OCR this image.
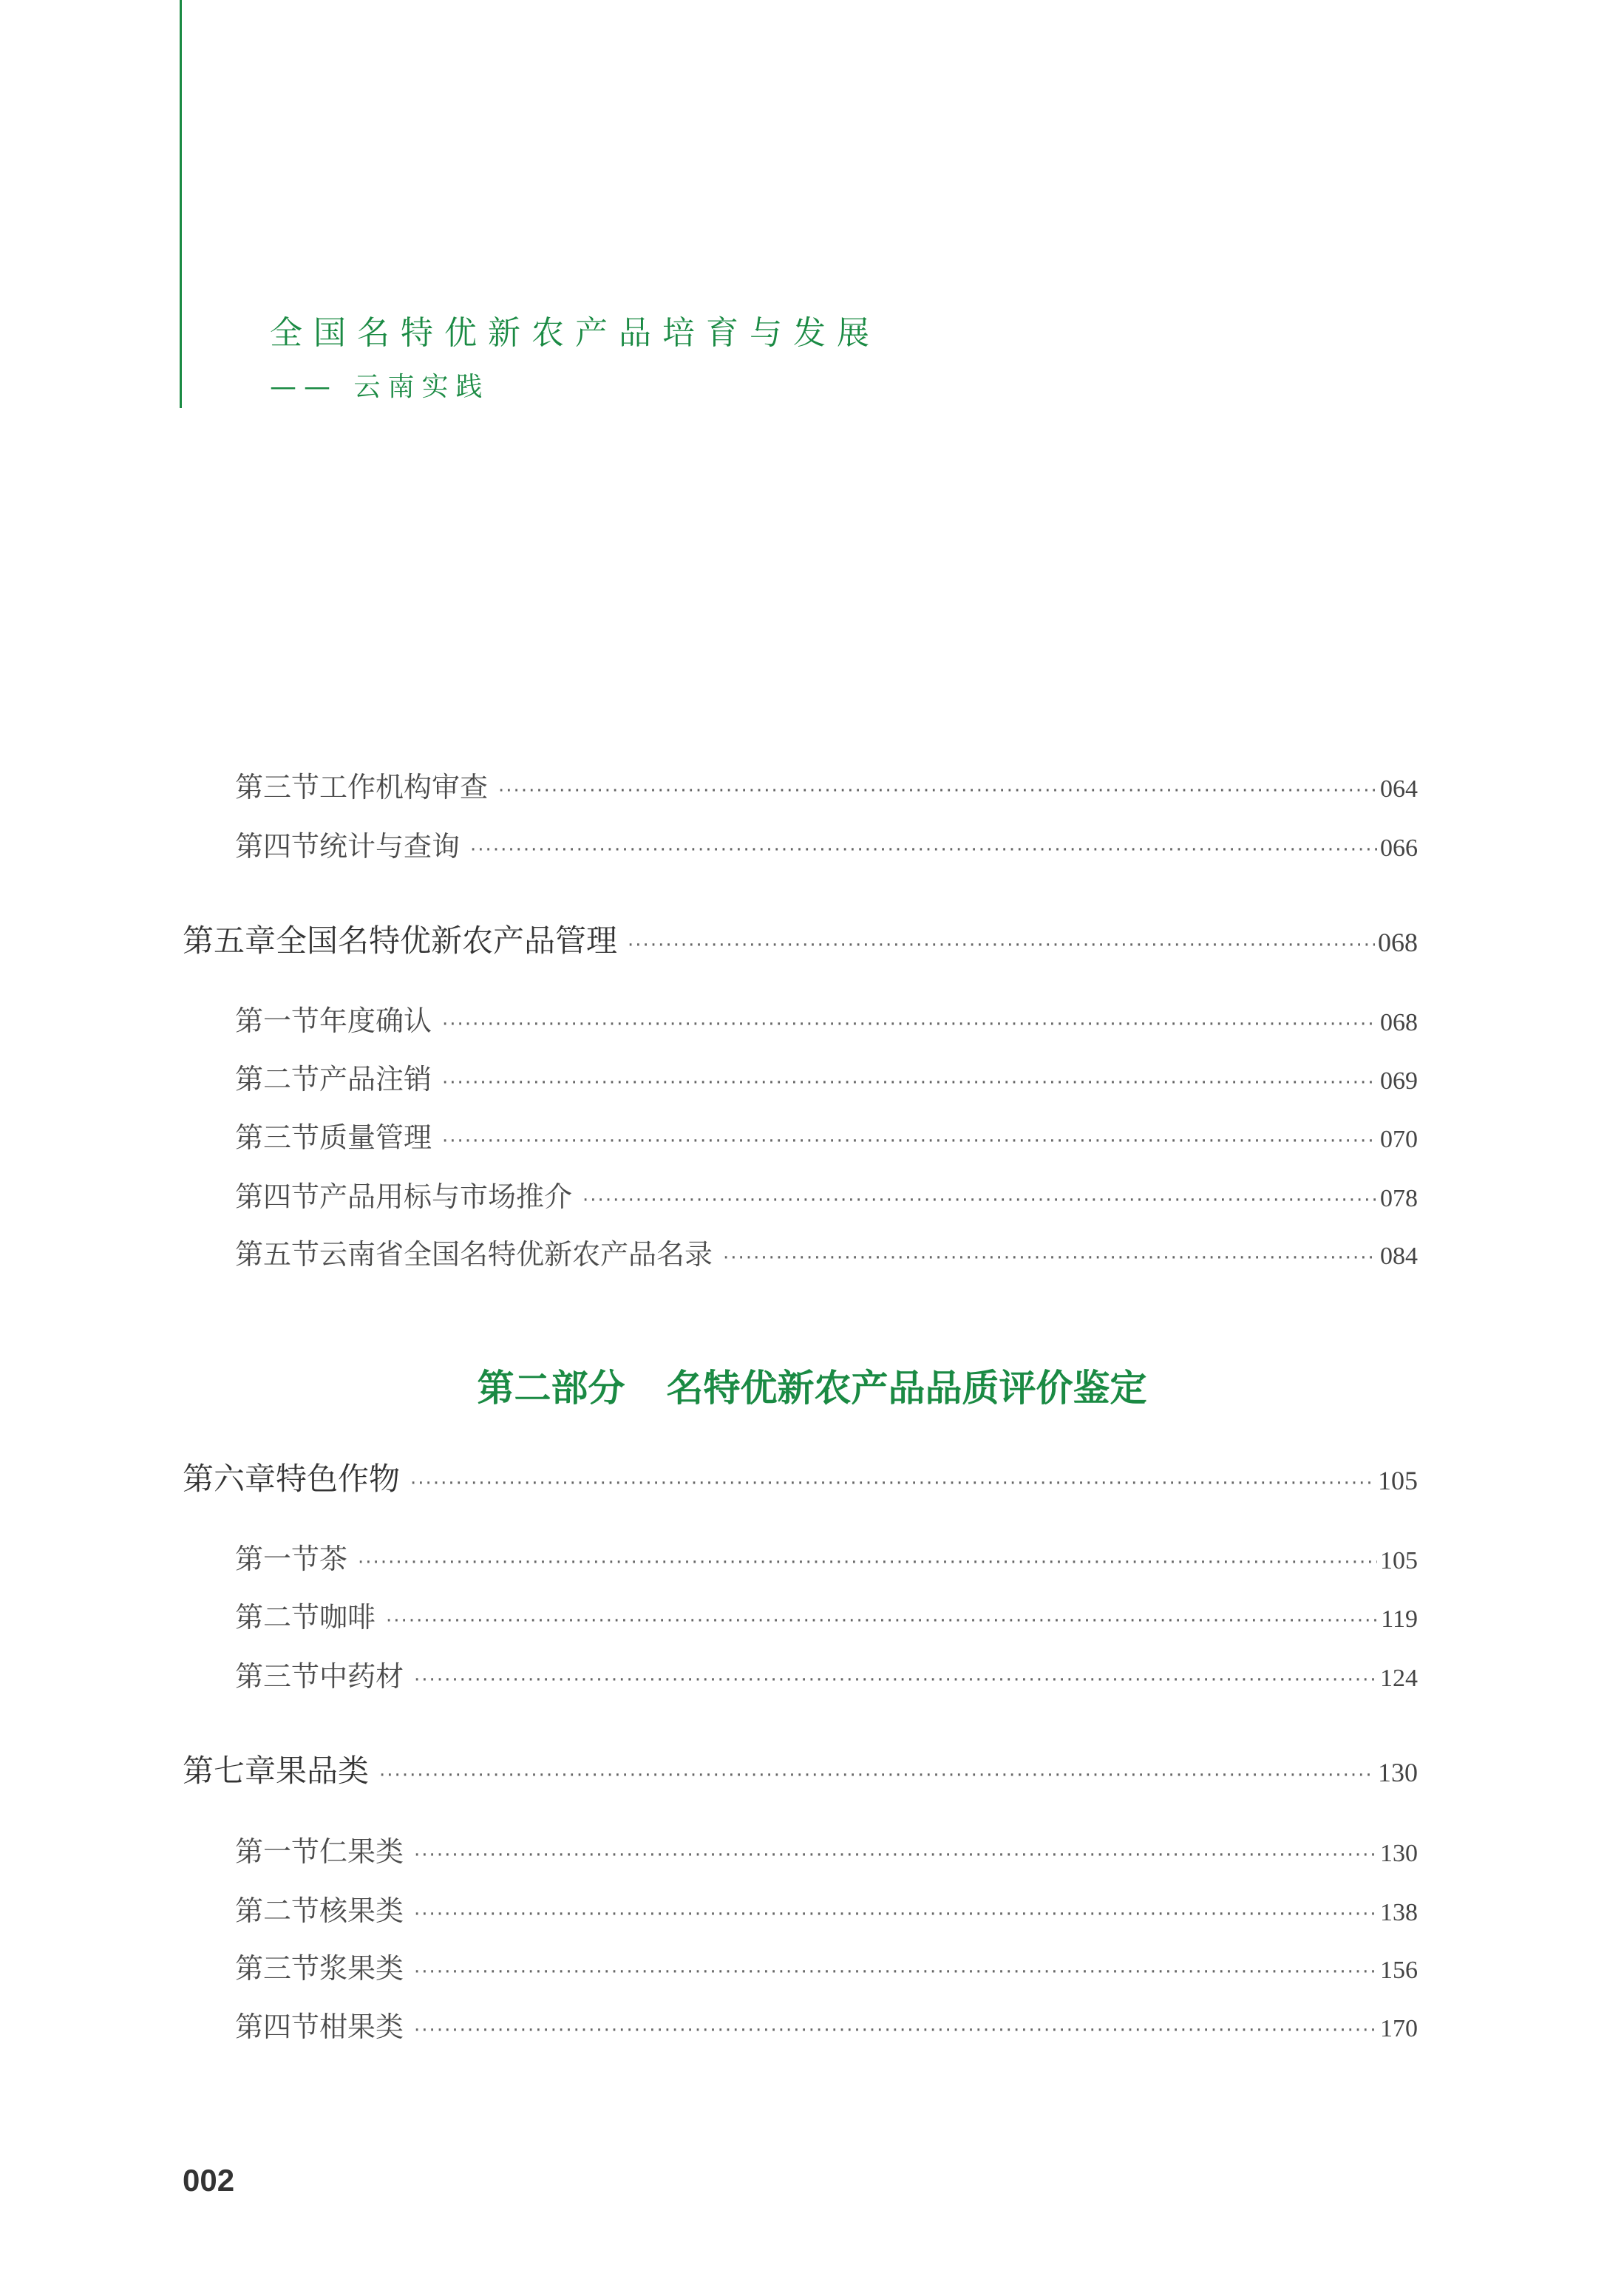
全国名特优新农产品培育与发展
—— 云南实践
第三节 工作机构审查 ·····	064
第四节 统计与查询 ·····	066
第五章 全国名特优新农产品管理 ·····	068
第一节 年度确认 ·····	068
第二节 产品注销 ·····	069
第三节 质量管理 ·····	070
第四节 产品用标与市场推介 ·····	078
第五节 云南省全国名特优新农产品名录 ·····	084
第二部分 名特优新农产品品质评价鉴定
第六章 特色作物 ·····	105
第一节 茶 ·····	105
第二节 咖啡 ·····	119
第三节 中药材 ·····	124
第七章 果品类 ·····	130
第一节 仁果类 ·····	130
第二节 核果类 ·····	138
第三节 浆果类 ·····	156
第四节 柑果类 ·····	170
002
